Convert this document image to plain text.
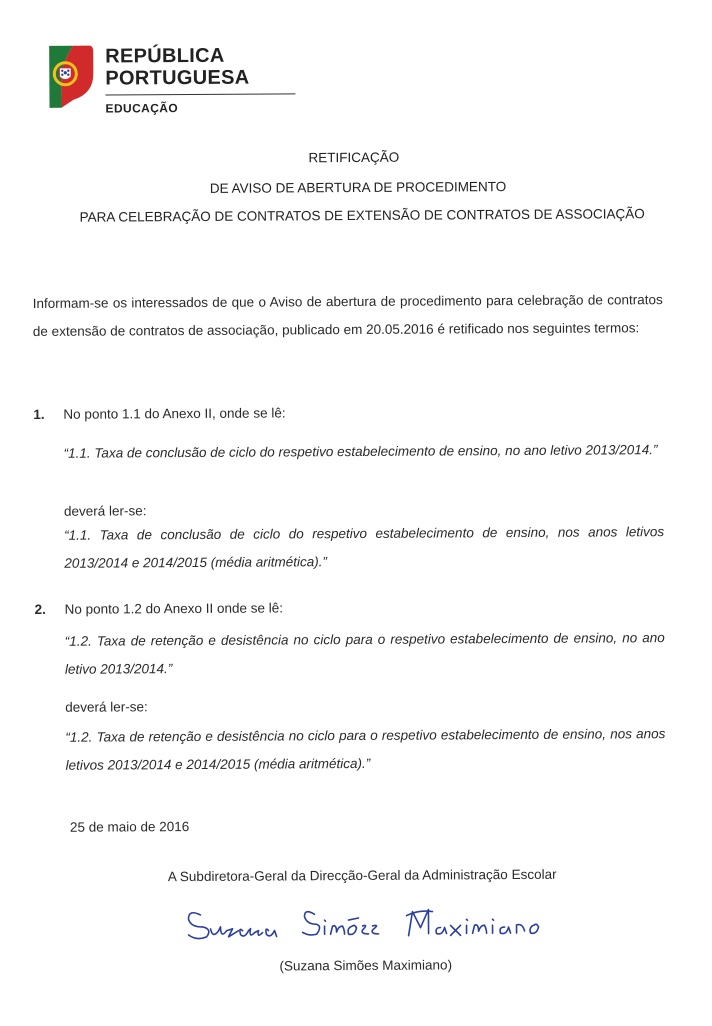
REPÚBLICA
PORTUGUESA
EDUCAÇÃO
RETIFICAÇÃO
DE AVISO DE ABERTURA DE PROCEDIMENTO
PARA CELEBRAÇÃO DE CONTRATOS DE EXTENSÃO DE CONTRATOS DE ASSOCIAÇÃO
Informam-se os interessados de que o Aviso de abertura de procedimento para celebração de contratos de extensão de contratos de associação, publicado em 20.05.2016 é retificado nos seguintes termos:
1. No ponto 1.1 do Anexo II, onde se lê:
“1.1. Taxa de conclusão de ciclo do respetivo estabelecimento de ensino, no ano letivo 2013/2014.”
deverá ler-se:
“1.1. Taxa de conclusão de ciclo do respetivo estabelecimento de ensino, nos anos letivos 2013/2014 e 2014/2015 (média aritmética).”
2. No ponto 1.2 do Anexo II onde se lê:
“1.2. Taxa de retenção e desistência no ciclo para o respetivo estabelecimento de ensino, no ano letivo 2013/2014.”
deverá ler-se:
“1.2. Taxa de retenção e desistência no ciclo para o respetivo estabelecimento de ensino, nos anos letivos 2013/2014 e 2014/2015 (média aritmética).”
25 de maio de 2016
A Subdiretora-Geral da Direcção-Geral da Administração Escolar
(Suzana Simões Maximiano)
